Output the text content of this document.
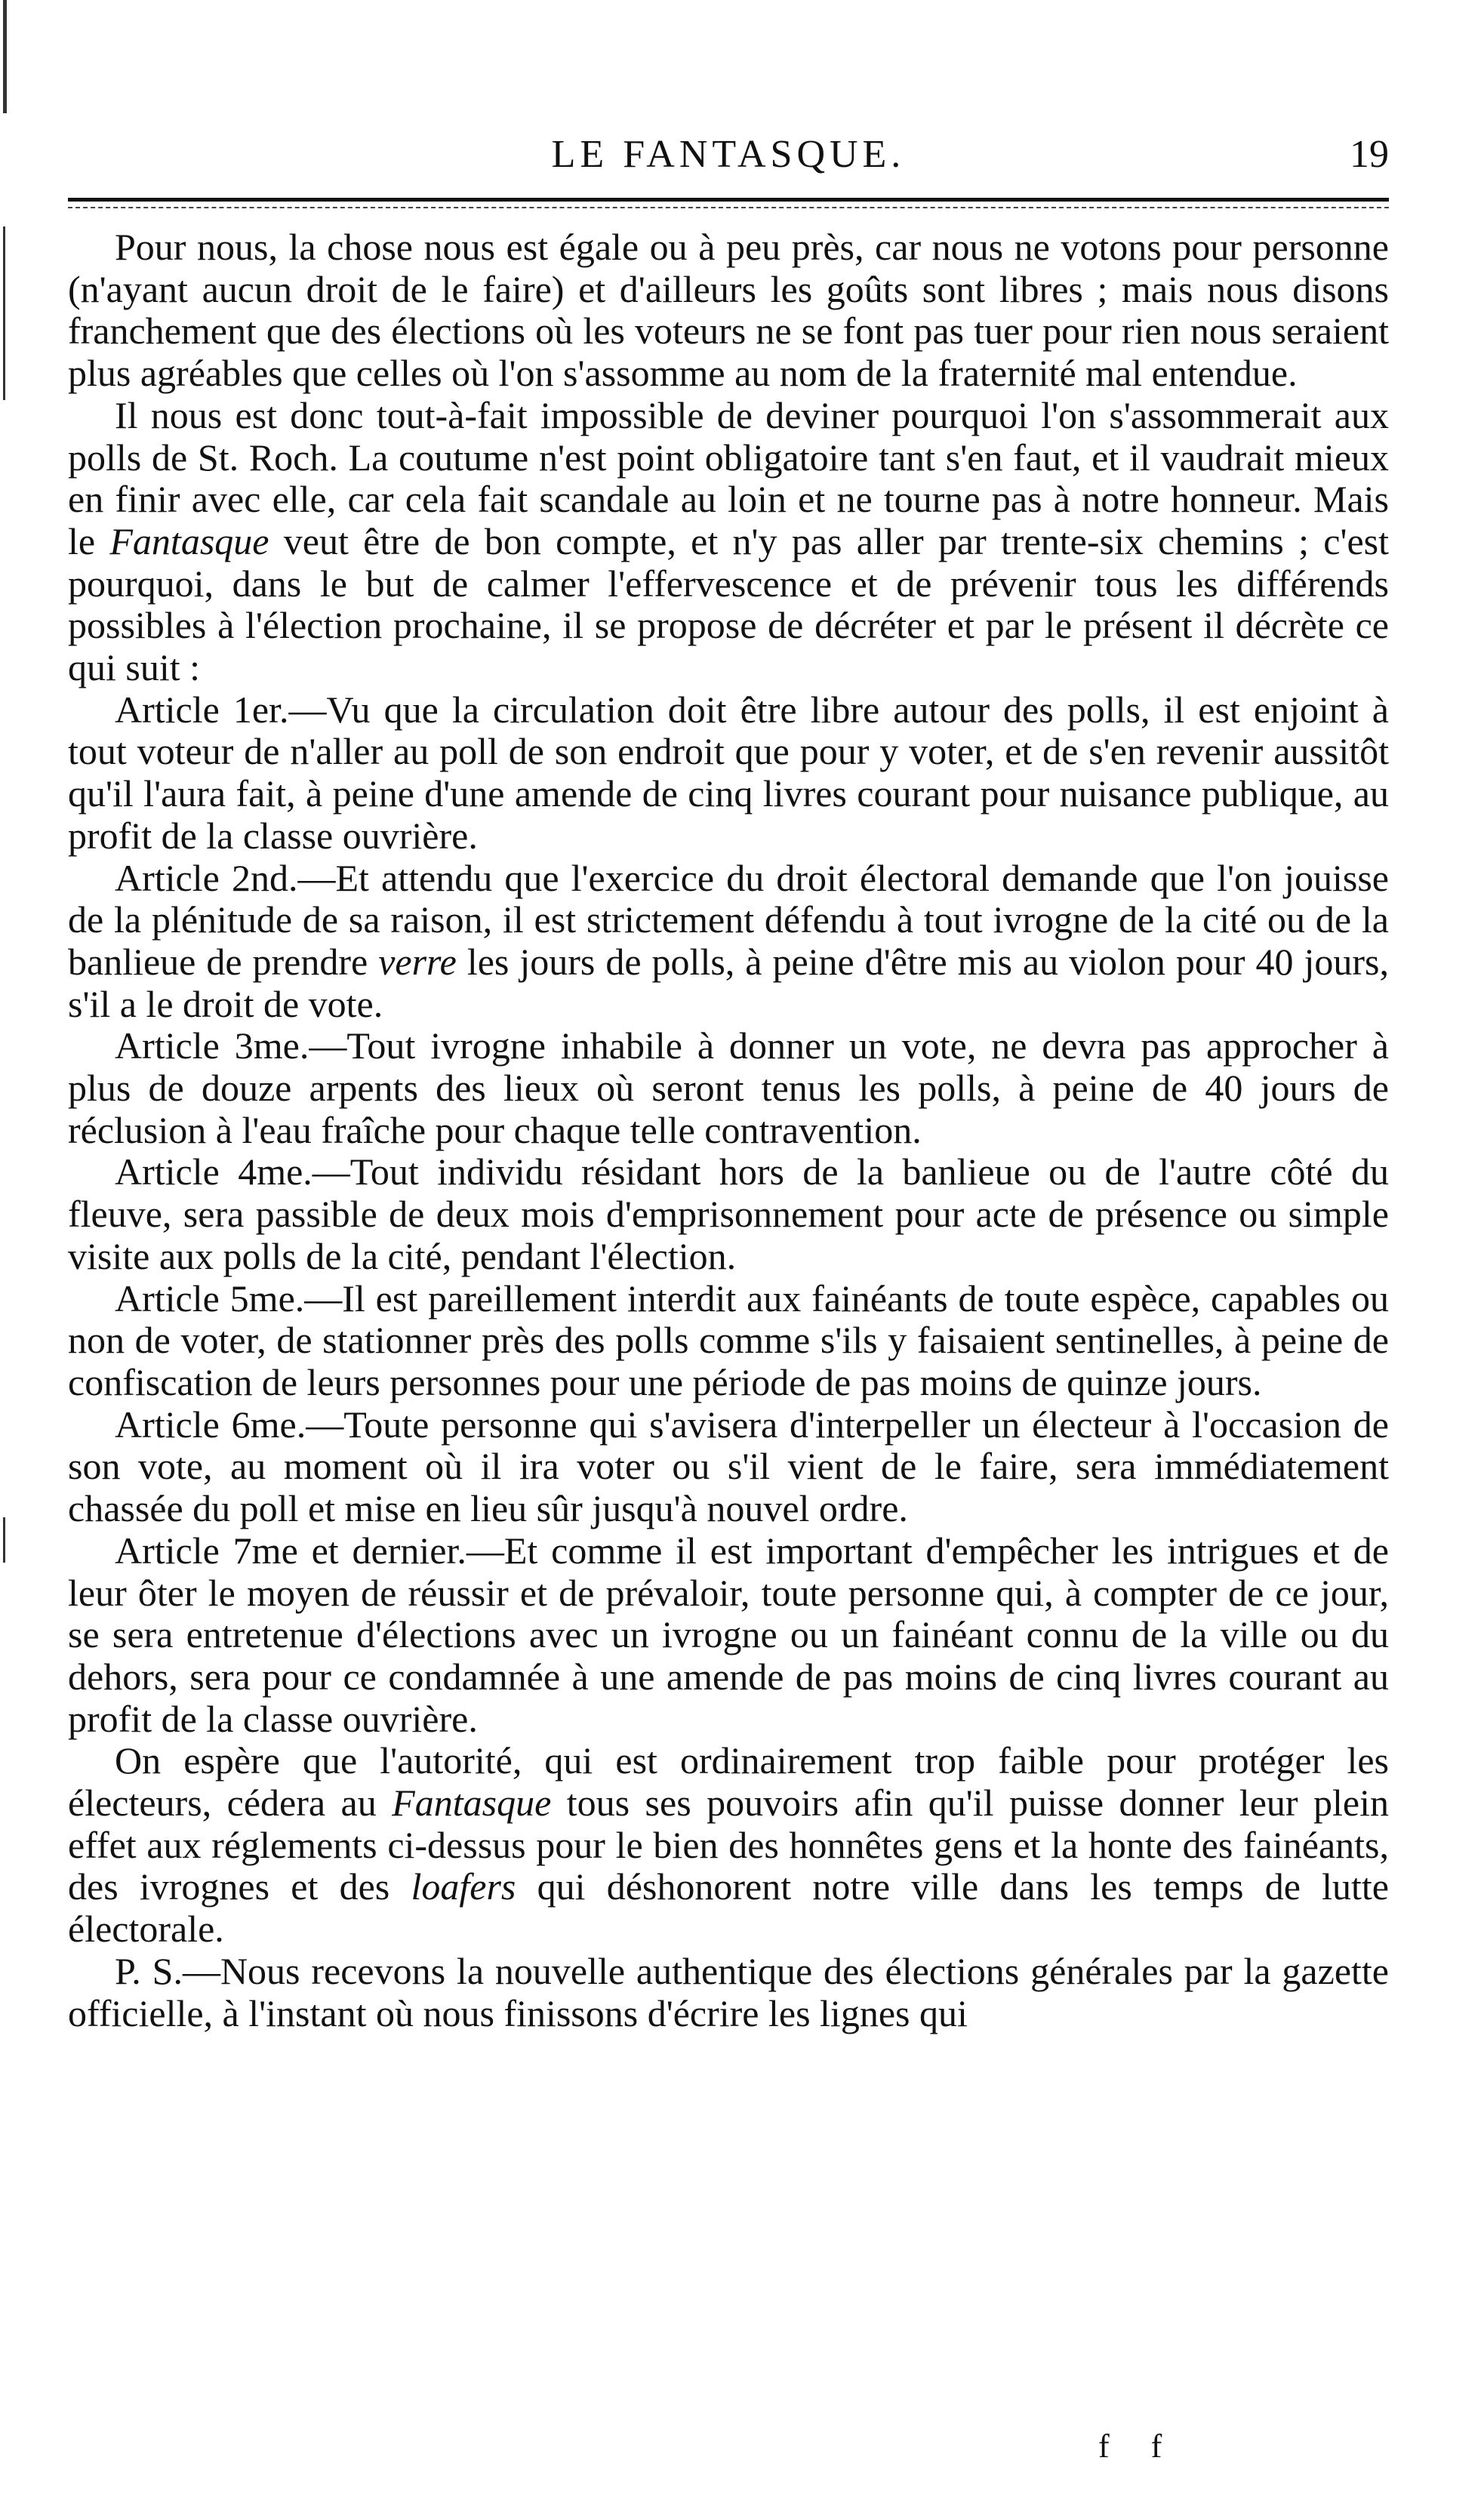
LE FANTASQUE.	19

Pour nous, la chose nous est égale ou à peu près, car nous ne votons pour personne (n'ayant aucun droit de le faire) et d'ailleurs les goûts sont libres ; mais nous disons franchement que des élections où les voteurs ne se font pas tuer pour rien nous seraient plus agréables que celles où l'on s'assomme au nom de la fraternité mal entendue.

Il nous est donc tout-à-fait impossible de deviner pourquoi l'on s'assommerait aux polls de St. Roch. La coutume n'est point obligatoire tant s'en faut, et il vaudrait mieux en finir avec elle, car cela fait scandale au loin et ne tourne pas à notre honneur. Mais le Fantasque veut être de bon compte, et n'y pas aller par trente-six chemins ; c'est pourquoi, dans le but de calmer l'effervescence et de prévenir tous les différends possibles à l'élection prochaine, il se propose de décréter et par le présent il décrète ce qui suit :

Article 1er.—Vu que la circulation doit être libre autour des polls, il est enjoint à tout voteur de n'aller au poll de son endroit que pour y voter, et de s'en revenir aussitôt qu'il l'aura fait, à peine d'une amende de cinq livres courant pour nuisance publique, au profit de la classe ouvrière.

Article 2nd.—Et attendu que l'exercice du droit électoral demande que l'on jouisse de la plénitude de sa raison, il est strictement défendu à tout ivrogne de la cité ou de la banlieue de prendre verre les jours de polls, à peine d'être mis au violon pour 40 jours, s'il a le droit de vote.

Article 3me.—Tout ivrogne inhabile à donner un vote, ne devra pas approcher à plus de douze arpents des lieux où seront tenus les polls, à peine de 40 jours de réclusion à l'eau fraîche pour chaque telle contravention.

Article 4me.—Tout individu résidant hors de la banlieue ou de l'autre côté du fleuve, sera passible de deux mois d'emprisonnement pour acte de présence ou simple visite aux polls de la cité, pendant l'élection.

Article 5me.—Il est pareillement interdit aux fainéants de toute espèce, capables ou non de voter, de stationner près des polls comme s'ils y faisaient sentinelles, à peine de confiscation de leurs personnes pour une période de pas moins de quinze jours.

Article 6me.—Toute personne qui s'avisera d'interpeller un électeur à l'occasion de son vote, au moment où il ira voter ou s'il vient de le faire, sera immédiatement chassée du poll et mise en lieu sûr jusqu'à nouvel ordre.

Article 7me et dernier.—Et comme il est important d'empêcher les intrigues et de leur ôter le moyen de réussir et de prévaloir, toute personne qui, à compter de ce jour, se sera entretenue d'élections avec un ivrogne ou un fainéant connu de la ville ou du dehors, sera pour ce condamnée à une amende de pas moins de cinq livres courant au profit de la classe ouvrière.

On espère que l'autorité, qui est ordinairement trop faible pour protéger les électeurs, cédera au Fantasque tous ses pouvoirs afin qu'il puisse donner leur plein effet aux réglements ci-dessus pour le bien des honnêtes gens et la honte des fainéants, des ivrognes et des loafers qui déshonorent notre ville dans les temps de lutte électorale.

P. S.—Nous recevons la nouvelle authentique des élections générales par la gazette officielle, à l'instant où nous finissons d'écrire les lignes qui

f f
